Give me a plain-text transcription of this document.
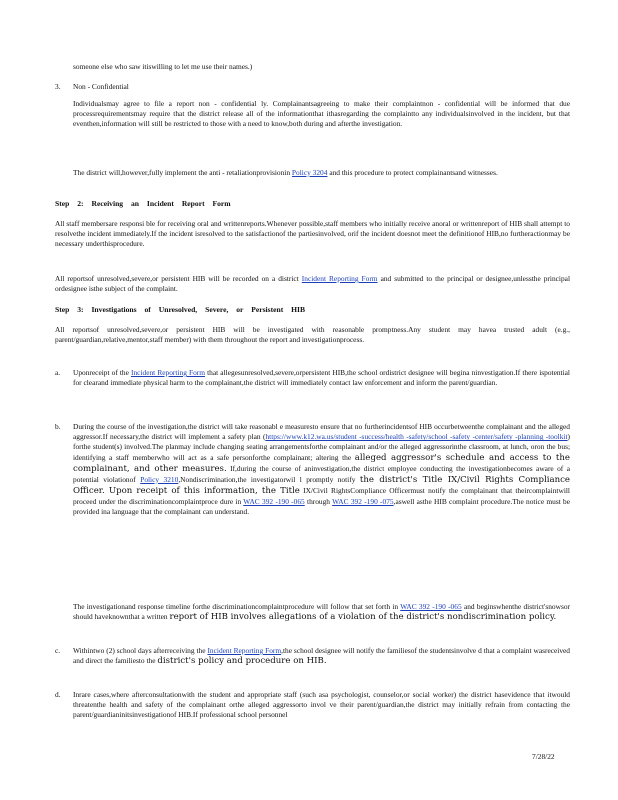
someone else who saw itiswilling to let me use their names.)

3. Non - Confidential

Individualsmay agree to file a report non - confidential ly. Complainantsagreeing to make their complaintnon - confidential will be informed that due processrequirementsmay require that the district release all of the informationthat ithasregarding the complaintto any individualsinvolved in the incident, but that eventhen,information will still be restricted to those with a need to know,both during and afterthe investigation.

The district will,however,fully implement the anti - retaliationprovisionin Policy 3204 and this procedure to protect complainantsand witnesses.

Step 2: Receiving an Incident Report Form

All staff membersare responsi ble for receiving oral and writtenreports.Whenever possible,staff members who initially receive anoral or writtenreport of HIB shall attempt to resolvethe incident immediately.If the incident isresolved to the satisfactionof the partiesinvolved, orif the incident doesnot meet the definitionof HIB,no furtheractionmay be necessary underthisprocedure.

All reportsof unresolved,severe,or persistent HIB will be recorded on a district Incident Reporting Form and submitted to the principal or designee,unlessthe principal ordesignee isthe subject of the complaint.

Step 3: Investigations of Unresolved, Severe, or Persistent HIB

All reportsof unresolved,severe,or persistent HIB will be investigated with reasonable promptness.Any student may havea trusted adult (e.g., parent/guardian,relative,mentor,staff member) with them throughout the report and investigationprocess.

a. Uponreceipt of the Incident Reporting Form that allegesunresolved,severe,orpersistent HIB,the school ordistrict designee will begina ninvestigation.If there ispotential for clearand immediate physical harm to the complainant,the district will immediately contact law enforcement and inform the parent/guardian.

b. During the course of the investigation,the district will take reasonabl e measuresto ensure that no furtherincidentsof HIB occurbetweenthe complainant and the alleged aggressor.If necessary,the district will implement a safety plan (https://www.k12.wa.us/student -success/health -safety/school -safety -center/safety -planning -toolkit) forthe student(s) involved.The planmay include changing seating arrangementsforthe complainant and/or the alleged aggressorinthe classroom, at lunch, oron the bus; identifying a staff memberwho will act as a safe personforthe complainant; altering the alleged aggressor's schedule and access to the complainant, and other measures. If,during the course of aninvestigation,the district employee conducting the investigationbecomes aware of a potential violationof Policy 3210,Nondiscrimination,the investigatorwil l promptly notify the district's Title IX/Civil Rights Compliance Officer. Upon receipt of this information, the Title IX/Civil RightsCompliance Officermust notify the complainant that theircomplaintwill proceed under the discriminationcomplaintproce dure in WAC 392 -190 -065 through WAC 392 -190 -075,aswell asthe HIB complaint procedure.The notice must be provided ina language that the complainant can understand.

The investigationand response timeline forthe discriminationcomplaintprocedure will follow that set forth in WAC 392 -190 -065 and beginswhenthe district'snowsor should haveknownthat a written report of HIB involves allegations of a violation of the district's nondiscrimination policy.

c. Withintwo (2) school days afterreceiving the Incident Reporting Form,the school designee will notify the familiesof the studentsinvolve d that a complaint wasreceived and direct the familiesto the district's policy and procedure on HIB.

d. Inrare cases,where afterconsultationwith the student and appropriate staff (such asa psychologist, counselor,or social worker) the district hasevidence that itwould threatenthe health and safety of the complainant orthe alleged aggressorto invol ve their parent/guardian,the district may initially refrain from contacting the parent/guardianinitsinvestigationof HIB.If professional school personnel

7/28/22
